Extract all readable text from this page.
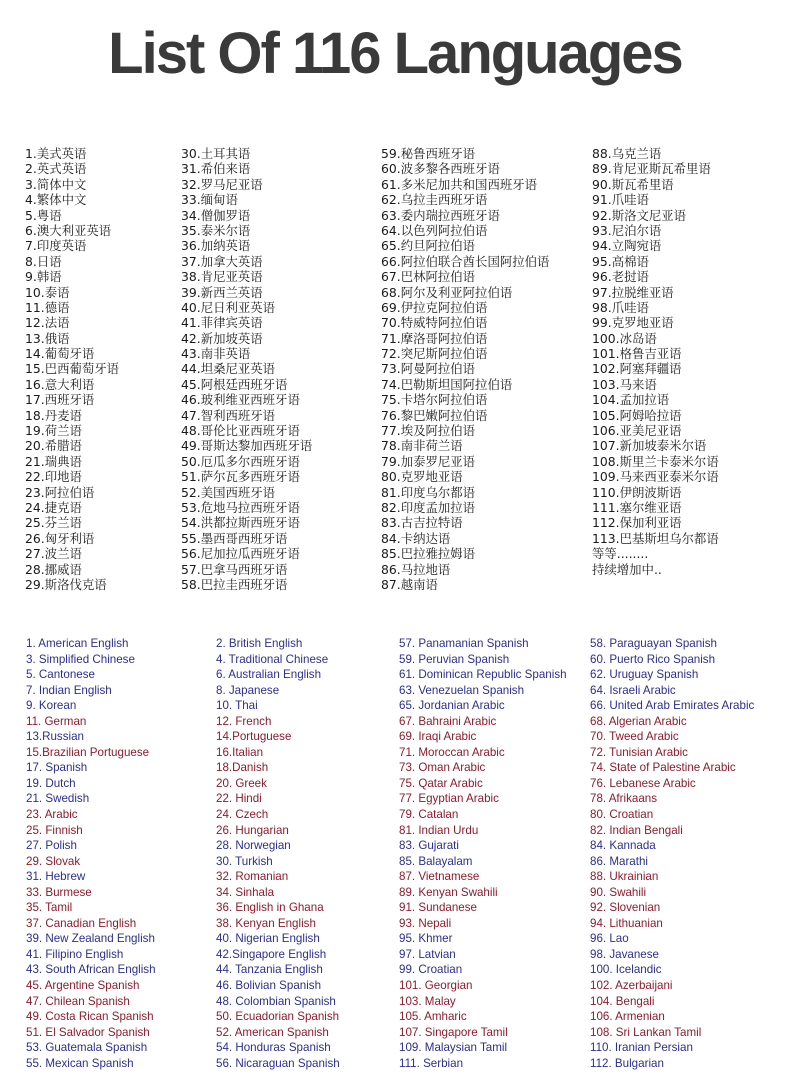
List Of 116 Languages
1.美式英语
2.英式英语
3.简体中文
4.繁体中文
5.粤语
6.澳大利亚英语
7.印度英语
8.日语
9.韩语
10.泰语
11.德语
12.法语
13.俄语
14.葡萄牙语
15.巴西葡萄牙语
16.意大利语
17.西班牙语
18.丹麦语
19.荷兰语
20.希腊语
21.瑞典语
22.印地语
23.阿拉伯语
24.捷克语
25.芬兰语
26.匈牙利语
27.波兰语
28.挪威语
29.斯洛伐克语
30.土耳其语
31.希伯来语
32.罗马尼亚语
33.缅甸语
34.僧伽罗语
35.泰米尔语
36.加纳英语
37.加拿大英语
38.肯尼亚英语
39.新西兰英语
40.尼日利亚英语
41.菲律宾英语
42.新加坡英语
43.南非英语
44.坦桑尼亚英语
45.阿根廷西班牙语
46.玻利维亚西班牙语
47.智利西班牙语
48.哥伦比亚西班牙语
49.哥斯达黎加西班牙语
50.厄瓜多尔西班牙语
51.萨尔瓦多西班牙语
52.美国西班牙语
53.危地马拉西班牙语
54.洪都拉斯西班牙语
55.墨西哥西班牙语
56.尼加拉瓜西班牙语
57.巴拿马西班牙语
58.巴拉圭西班牙语
59.秘鲁西班牙语
60.波多黎各西班牙语
61.多米尼加共和国西班牙语
62.乌拉圭西班牙语
63.委内瑞拉西班牙语
64.以色列阿拉伯语
65.约旦阿拉伯语
66.阿拉伯联合酋长国阿拉伯语
67.巴林阿拉伯语
68.阿尔及利亚阿拉伯语
69.伊拉克阿拉伯语
70.特威特阿拉伯语
71.摩洛哥阿拉伯语
72.突尼斯阿拉伯语
73.阿曼阿拉伯语
74.巴勒斯坦国阿拉伯语
75.卡塔尔阿拉伯语
76.黎巴嫩阿拉伯语
77.埃及阿拉伯语
78.南非荷兰语
79.加泰罗尼亚语
80.克罗地亚语
81.印度乌尔都语
82.印度孟加拉语
83.古吉拉特语
84.卡纳达语
85.巴拉雅拉姆语
86.马拉地语
87.越南语
88.乌克兰语
89.肯尼亚斯瓦希里语
90.斯瓦希里语
91.爪哇语
92.斯洛文尼亚语
93.尼泊尔语
94.立陶宛语
95.高棉语
96.老挝语
97.拉脱维亚语
98.爪哇语
99.克罗地亚语
100.冰岛语
101.格鲁吉亚语
102.阿塞拜疆语
103.马来语
104.孟加拉语
105.阿姆哈拉语
106.亚美尼亚语
107.新加坡泰米尔语
108.斯里兰卡泰米尔语
109.马来西亚泰米尔语
110.伊朗波斯语
111.塞尔维亚语
112.保加利亚语
113.巴基斯坦乌尔都语
等等........
持续增加中..
1. American English
3. Simplified Chinese
5. Cantonese
7. Indian English
9. Korean
11. German
13.Russian
15.Brazilian Portuguese
17. Spanish
19. Dutch
21. Swedish
23. Arabic
25. Finnish
27. Polish
29. Slovak
31. Hebrew
33. Burmese
35. Tamil
37. Canadian English
39. New Zealand English
41. Filipino English
43. South African English
45. Argentine Spanish
47. Chilean Spanish
49. Costa Rican Spanish
51. El Salvador Spanish
53. Guatemala Spanish
55. Mexican Spanish
2. British English
4. Traditional Chinese
6. Australian English
8. Japanese
10. Thai
12. French
14.Portuguese
16.Italian
18.Danish
20. Greek
22. Hindi
24. Czech
26. Hungarian
28. Norwegian
30. Turkish
32. Romanian
34. Sinhala
36. English in Ghana
38. Kenyan English
40. Nigerian English
42.Singapore English
44. Tanzania English
46. Bolivian Spanish
48. Colombian Spanish
50. Ecuadorian Spanish
52. American Spanish
54. Honduras Spanish
56. Nicaraguan Spanish
57. Panamanian Spanish
59. Peruvian Spanish
61. Dominican Republic Spanish
63. Venezuelan Spanish
65. Jordanian Arabic
67. Bahraini Arabic
69. Iraqi Arabic
71. Moroccan Arabic
73. Oman Arabic
75. Qatar Arabic
77. Egyptian Arabic
79. Catalan
81. Indian Urdu
83. Gujarati
85. Balayalam
87. Vietnamese
89. Kenyan Swahili
91. Sundanese
93. Nepali
95. Khmer
97. Latvian
99. Croatian
101. Georgian
103. Malay
105. Amharic
107. Singapore Tamil
109. Malaysian Tamil
111. Serbian
58. Paraguayan Spanish
60. Puerto Rico Spanish
62. Uruguay Spanish
64. Israeli Arabic
66. United Arab Emirates Arabic
68. Algerian Arabic
70. Tweed Arabic
72. Tunisian Arabic
74. State of Palestine Arabic
76. Lebanese Arabic
78. Afrikaans
80. Croatian
82. Indian Bengali
84. Kannada
86. Marathi
88. Ukrainian
90. Swahili
92. Slovenian
94. Lithuanian
96. Lao
98. Javanese
100. Icelandic
102. Azerbaijani
104. Bengali
106. Armenian
108. Sri Lankan Tamil
110. Iranian Persian
112. Bulgarian
